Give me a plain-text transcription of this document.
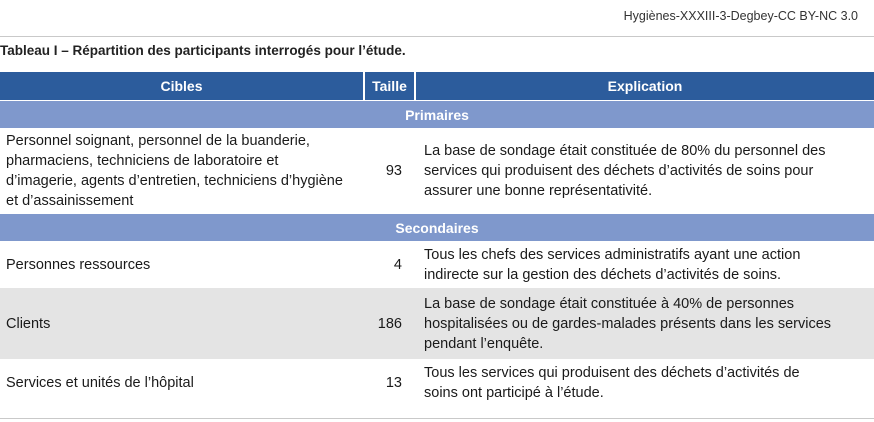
Hygiènes-XXXIII-3-Degbey-CC BY-NC 3.0
Tableau I – Répartition des participants interrogés pour l’étude.
Cibles	Taille	Explication
Primaires		
Personnel soignant, personnel de la buanderie, pharmaciens, techniciens de laboratoire et d’imagerie, agents d’entretien, techniciens d’hygiène et d’assainissement	93	La base de sondage était constituée de 80% du personnel des services qui produisent des déchets d’activités de soins pour assurer une bonne représentativité.
Secondaires		
Personnes ressources	4	Tous les chefs des services administratifs ayant une action indirecte sur la gestion des déchets d’activités de soins.
Clients	186	La base de sondage était constituée à 40% de personnes hospitalisées ou de gardes-malades présents dans les services pendant l’enquête.
Services et unités de l’hôpital	13	Tous les services qui produisent des déchets d’activités de soins ont participé à l’étude.
